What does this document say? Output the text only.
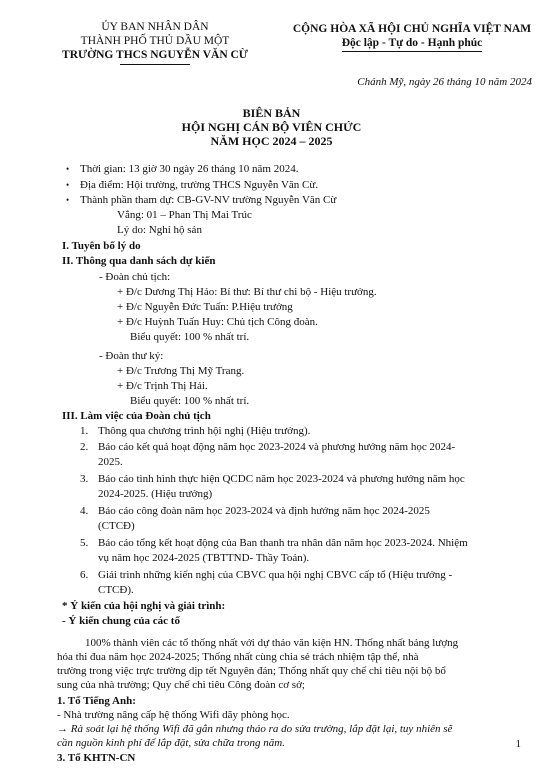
ỦY BAN NHÂN DÂN
THÀNH PHỐ THỦ DẦU MỘT
TRƯỜNG THCS NGUYỄN VĂN CỪ
CỘNG HÒA XÃ HỘI CHỦ NGHĨA VIỆT NAM
Độc lập - Tự do - Hạnh phúc
Chánh Mỹ, ngày 26 tháng 10 năm 2024
BIÊN BẢN
HỘI NGHỊ CÁN BỘ VIÊN CHỨC
NĂM HỌC 2024 – 2025
• Thời gian: 13 giờ 30 ngày 26 tháng 10 năm 2024.
• Địa điểm: Hội trường, trường THCS Nguyễn Văn Cừ.
• Thành phần tham dự: CB-GV-NV trường Nguyễn Văn Cừ
Vắng: 01 – Phan Thị Mai Trúc
Lý do: Nghỉ hộ sản
I. Tuyên bố lý do
II. Thông qua danh sách dự kiến
- Đoàn chủ tịch:
+ Đ/c Dương Thị Hảo: Bí thư: Bí thư chi bộ - Hiệu trưởng.
+ Đ/c Nguyễn Đức Tuấn: P.Hiệu trưởng
+ Đ/c Huỳnh Tuấn Huy: Chủ tịch Công đoàn.
Biểu quyết: 100 % nhất trí.
- Đoàn thư ký:
+ Đ/c Trương Thị Mỹ Trang.
+ Đ/c Trịnh Thị Hải.
Biểu quyết: 100 % nhất trí.
III. Làm việc của Đoàn chủ tịch
1. Thông qua chương trình hội nghị (Hiệu trưởng).
2. Báo cáo kết quả hoạt động năm học 2023-2024 và phương hướng năm học 2024-
2025.
3. Báo cáo tình hình thực hiện QCDC năm học 2023-2024 và phương hướng năm học
2024-2025. (Hiệu trưởng)
4. Báo cáo công đoàn năm học 2023-2024 và định hướng năm học 2024-2025
(CTCĐ)
5. Báo cáo tổng kết hoạt động của Ban thanh tra nhân dân năm học 2023-2024. Nhiệm
vụ năm học 2024-2025 (TBTTND- Thầy Toản).
6. Giải trình những kiến nghị của CBVC qua hội nghị CBVC cấp tổ (Hiệu trưởng -
CTCĐ).
* Ý kiến của hội nghị và giải trình:
- Ý kiến chung của các tổ
100% thành viên các tổ thống nhất với dự thảo văn kiện HN. Thống nhất bảng lượng
hóa thi đua năm học 2024-2025; Thống nhất cùng chia sẻ trách nhiệm tập thể, nhà
trường trong việc trực trường dịp tết Nguyên đán; Thống nhất quy chế chi tiêu nội bộ bổ
sung của nhà trường; Quy chế chi tiêu Công đoàn cơ sở;
1. Tổ Tiếng Anh:
- Nhà trường nâng cấp hệ thống Wifi dãy phòng học.
→ Rà soát lại hệ thống Wifi đã gắn nhưng tháo ra do sửa trường, lắp đặt lại, tuy nhiên sẽ
cần nguồn kinh phí để lắp đặt, sửa chữa trong năm.
3. Tổ KHTN-CN
1
